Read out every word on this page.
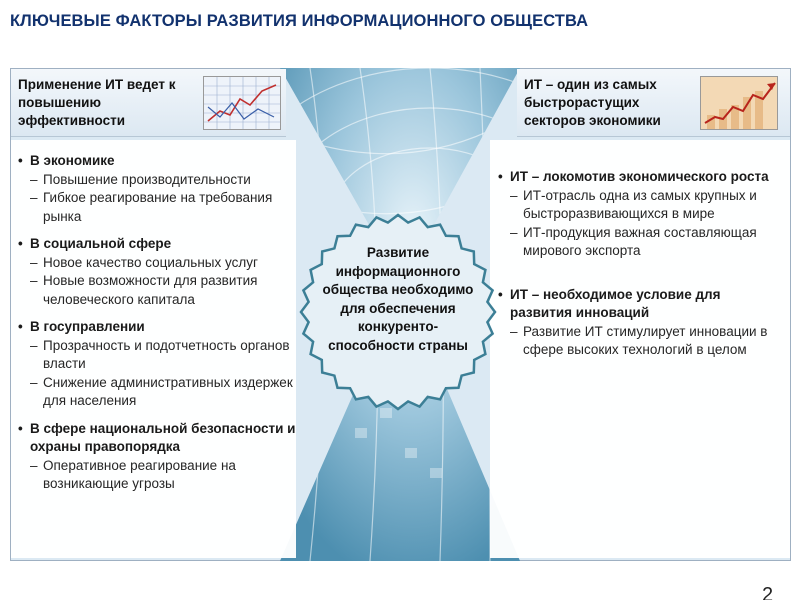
КЛЮЧЕВЫЕ ФАКТОРЫ РАЗВИТИЯ ИНФОРМАЦИОННОГО ОБЩЕСТВА
Применение ИТ ведет к повышению эффективности
ИТ – один из самых быстрорастущих секторов экономики
• В экономике
– Повышение производительности
– Гибкое реагирование на требования рынка
• В социальной сфере
– Новое качество социальных услуг
– Новые возможности для развития человеческого капитала
• В госуправлении
– Прозрачность и подотчетность органов власти
– Снижение административных издержек для населения
• В сфере национальной безопасности и охраны правопорядка
– Оперативное реагирование на возникающие угрозы
• ИТ – локомотив экономического роста
– ИТ-отрасль одна из самых крупных и быстроразвивающихся в мире
– ИТ-продукция важная составляющая мирового экспорта
• ИТ – необходимое условие для развития инноваций
– Развитие ИТ стимулирует инновации в сфере высоких технологий в целом
Развитие информационного общества необходимо для обеспечения конкуренто-способности страны
2
